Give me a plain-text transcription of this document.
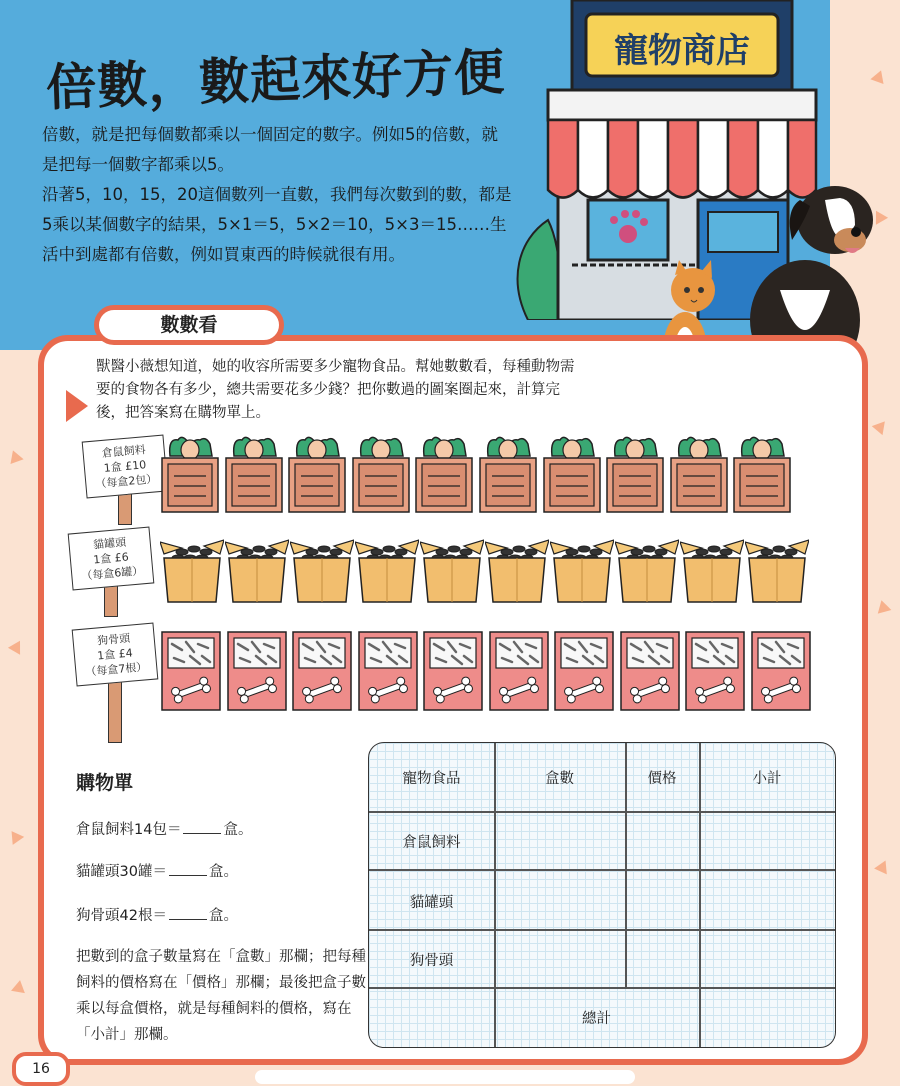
倍數，數起來好方便

倍數，就是把每個數都乘以一個固定的數字。例如5的倍數，就是把每一個數字都乘以5。

沿著5，10，15，20這個數列一直數，我們每次數到的數，都是5乘以某個數字的結果，5×1＝5，5×2＝10，5×3＝15……生活中到處都有倍數，例如買東西的時候就很有用。

寵物商店
數數看
獸醫小薇想知道，她的收容所需要多少寵物食品。幫她數數看，每種動物需要的食物各有多少，總共需要花多少錢？把你數過的圖案圈起來，計算完後，把答案寫在購物單上。
倉鼠飼料
1盒 £10
（每盒2包）
貓罐頭
1盒 £6
（每盒6罐）
狗骨頭
1盒 £4
（每盒7根）
購物單
倉鼠飼料14包＝	盒。
貓罐頭30罐＝	盒。
狗骨頭42根＝	盒。
把數到的盒子數量寫在「盒數」那欄；把每種飼料的價格寫在「價格」那欄；最後把盒子數乘以每盒價格，就是每種飼料的價格，寫在「小計」那欄。
寵物食品	盒數	價格	小計
倉鼠飼料
貓罐頭
狗骨頭
總計
16
